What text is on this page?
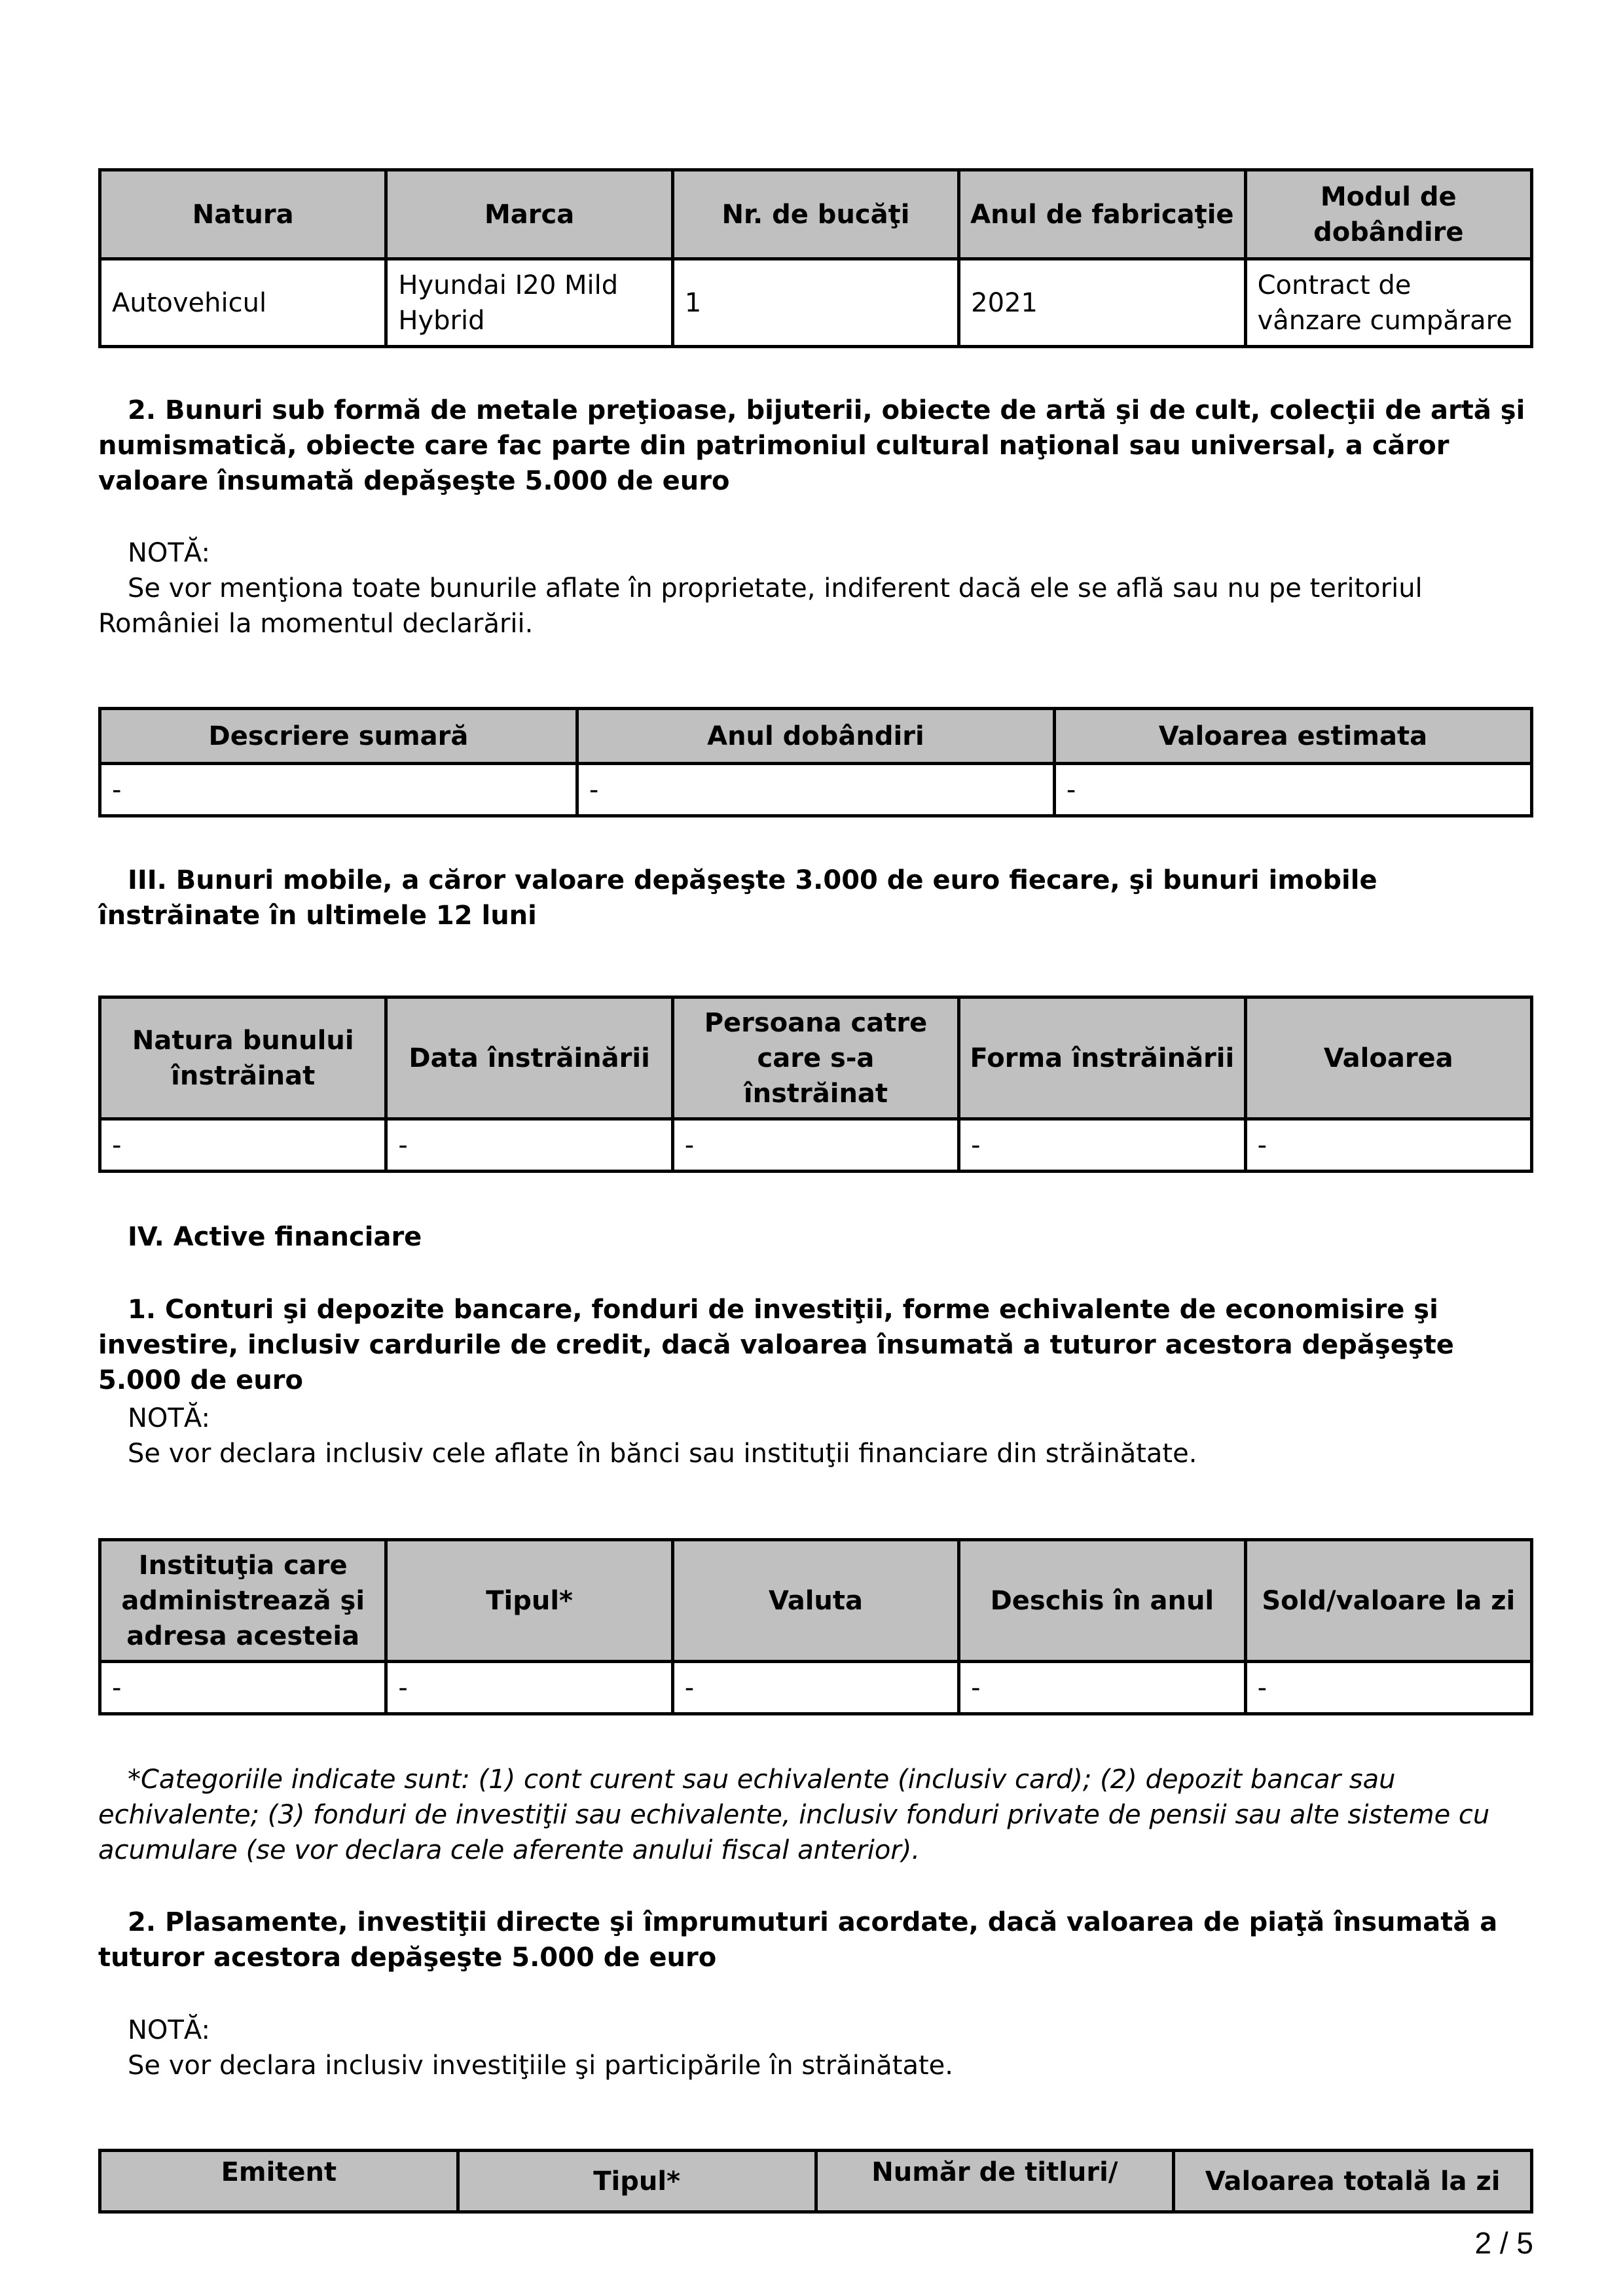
Natura	Marca	Nr. de bucăţi	Anul de fabricaţie	Modul de dobândire
Autovehicul	Hyundai I20 Mild Hybrid	1	2021	Contract de vânzare cumpărare
2. Bunuri sub formă de metale preţioase, bijuterii, obiecte de artă şi de cult, colecţii de artă şi numismatică, obiecte care fac parte din patrimoniul cultural naţional sau universal, a căror valoare însumată depăşeşte 5.000 de euro

NOTĂ:

Se vor menţiona toate bunurile aflate în proprietate, indiferent dacă ele se află sau nu pe teritoriul României la momentul declarării.

Descriere sumară	Anul dobândiri	Valoarea estimata
-	-	-
III. Bunuri mobile, a căror valoare depăşeşte 3.000 de euro fiecare, şi bunuri imobile înstrăinate în ultimele 12 luni
Natura bunului înstrăinat	Data înstrăinării	Persoana catre care s-a înstrăinat	Forma înstrăinării	Valoarea
-	-	-	-	-
IV. Active financiare
1. Conturi şi depozite bancare, fonduri de investiţii, forme echivalente de economisire şi investire, inclusiv cardurile de credit, dacă valoarea însumată a tuturor acestora depăşeşte 5.000 de euro

NOTĂ:

Se vor declara inclusiv cele aflate în bănci sau instituţii financiare din străinătate.

Instituţia care administrează şi adresa acesteia	Tipul*	Valuta	Deschis în anul	Sold/valoare la zi
-	-	-	-	-
*Categoriile indicate sunt: (1) cont curent sau echivalente (inclusiv card); (2) depozit bancar sau echivalente; (3) fonduri de investiţii sau echivalente, inclusiv fonduri private de pensii sau alte sisteme cu acumulare (se vor declara cele aferente anului fiscal anterior).
2. Plasamente, investiţii directe şi împrumuturi acordate, dacă valoarea de piaţă însumată a tuturor acestora depăşeşte 5.000 de euro

NOTĂ:

Se vor declara inclusiv investiţiile şi participările în străinătate.

Emitent	Tipul*	Număr de titluri/	Valoarea totală la zi
2 / 5
